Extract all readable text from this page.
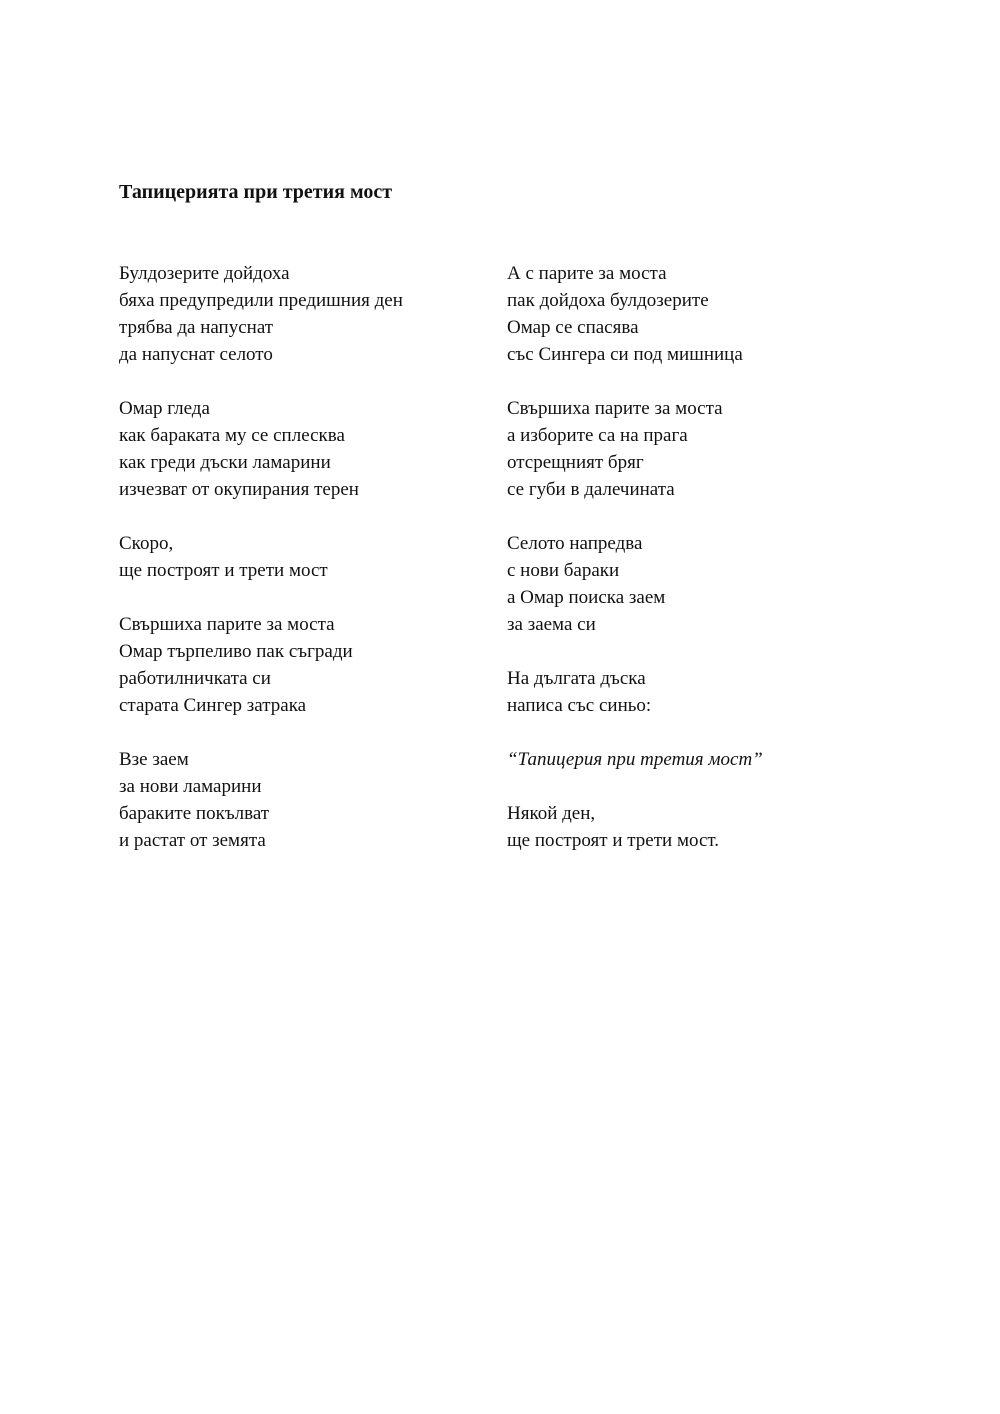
Тапицерията при третия мост
Булдозерите дойдоха
бяха предупредили предишния ден
трябва да напуснат
да напуснат селото
Омар гледа
как бараката му се сплесква
как греди дъски ламарини
изчезват от окупирания терен
Скоро,
ще построят и трети мост
Свършиха парите за моста
Омар търпеливо пак съгради
работилничката си
старата Сингер затрака
Взе заем
за нови ламарини
бараките покълват
и растат от земята
А с парите за моста
пак дойдоха булдозерите
Омар се спасява
със Сингера си под мишница
Свършиха парите за моста
а изборите са на прага
отсрещният бряг
се губи в далечината
Селото напредва
с нови бараки
а Омар поиска заем
за заема си
На дългата дъска
написа със синьо:
“Тапицерия при третия мост”
Някой ден,
ще построят и трети мост.
